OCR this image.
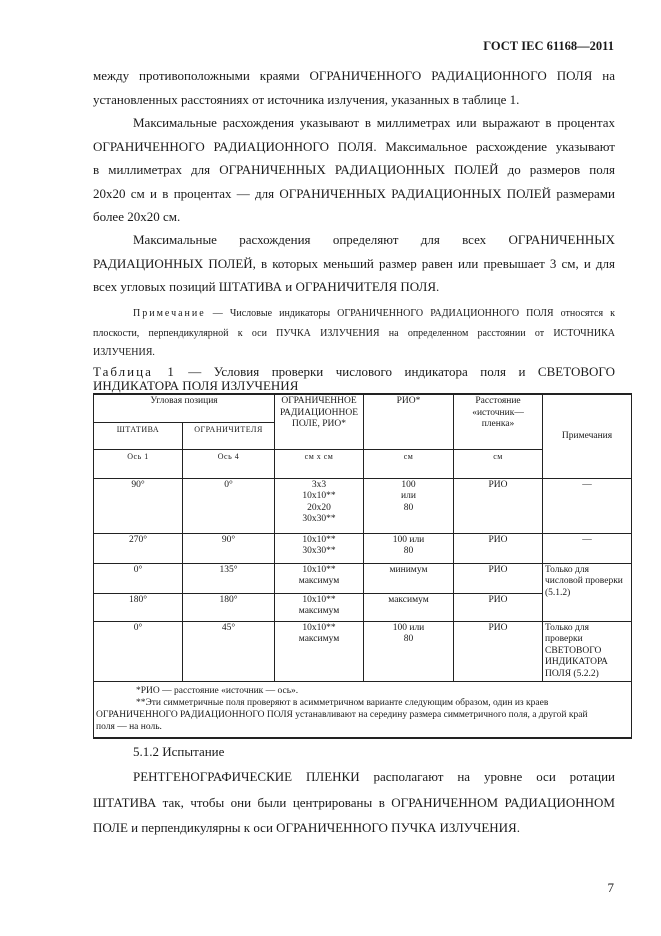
ГОСТ IEC 61168—2011
между противоположными краями ОГРАНИЧЕННОГО РАДИАЦИОННОГО ПОЛЯ на
установленных расстояниях от источника излучения, указанных в таблице 1.
Максимальные расхождения указывают в миллиметрах или выражают в процентах
ОГРАНИЧЕННОГО РАДИАЦИОННОГО ПОЛЯ. Максимальное расхождение указывают
в миллиметрах для ОГРАНИЧЕННЫХ РАДИАЦИОННЫХ ПОЛЕЙ до размеров поля
20x20 см и в процентах — для ОГРАНИЧЕННЫХ РАДИАЦИОННЫХ ПОЛЕЙ размерами
более 20x20 см.
Максимальные расхождения определяют для всех ОГРАНИЧЕННЫХ
РАДИАЦИОННЫХ ПОЛЕЙ, в которых меньший размер равен или превышает 3 см, и для
всех угловых позиций ШТАТИВА и ОГРАНИЧИТЕЛЯ ПОЛЯ.
Примечание — Числовые индикаторы ОГРАНИЧЕННОГО РАДИАЦИОННОГО ПОЛЯ относятся к
плоскости, перпендикулярной к оси ПУЧКА ИЗЛУЧЕНИЯ на определенном расстоянии от ИСТОЧНИКА
ИЗЛУЧЕНИЯ.
Таблица 1 — Условия проверки числового индикатора поля и СВЕТОВОГО
ИНДИКАТОРА ПОЛЯ ИЗЛУЧЕНИЯ
Угловая позиция		ОГРАНИЧЕННОЕ РАДИАЦИОННОЕ ПОЛЕ, РИО*	РИО*	Расстояние «источник— пленка»	Примечания
ШТАТИВА	ОГРАНИЧИТЕЛЯ				
Ось 1	Ось 4	см x см	см	см	
90°	0°	3x3
10x10**
20x20
30x30**	100
или
80	РИО	—
270°	90°	10x10**
30x30**	100 или
80	РИО	—
0°	135°	10x10**
максимум	минимум	РИО	Только для
числовой проверки
(5.1.2)
180°	180°	10x10**
максимум	максимум	РИО	
0°	45°	10x10**
максимум	100 или
80	РИО	Только для
проверки
СВЕТОВОГО
ИНДИКАТОРА
ПОЛЯ (5.2.2)

*РИО — расстояние «источник — ось».
**Эти симметричные поля проверяют в асимметричном варианте следующим образом, один из краев
ОГРАНИЧЕННОГО РАДИАЦИОННОГО ПОЛЯ устанавливают на середину размера симметричного поля, а другой край
поля — на ноль.					
5.1.2 Испытание
РЕНТГЕНОГРАФИЧЕСКИЕ ПЛЕНКИ располагают на уровне оси ротации
ШТАТИВА так, чтобы они были центрированы в ОГРАНИЧЕННОМ РАДИАЦИОННОМ
ПОЛЕ и перпендикулярны к оси ОГРАНИЧЕННОГО ПУЧКА ИЗЛУЧЕНИЯ.
7
